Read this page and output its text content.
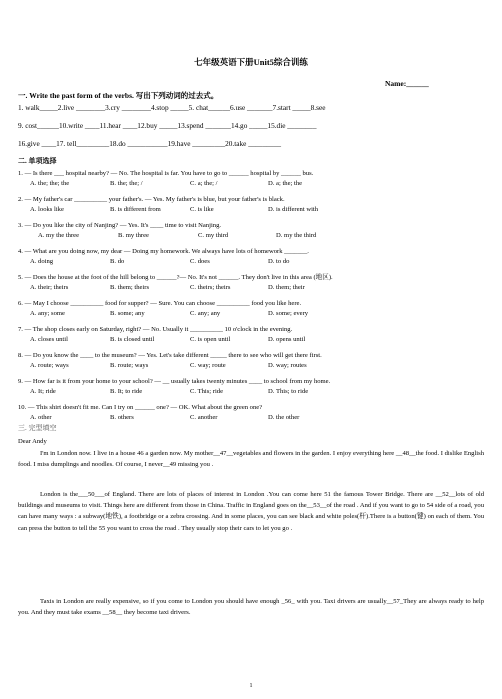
七年级英语下册Unit5综合训练
Name:______
一. Write the past form of the verbs. 写出下列动词的过去式。
1. walk_____2.live ________3.cry ________4.stop _____5. chat______6.use _______7.start _____8.see
9. cost______10.write ____11.hear ____12.buy _____13.spend _______14.go _____15.die ________
16.give ____17. tell_________18.do ___________19.have _________20.take _________
二. 单项选择
1. — Is there ___ hospital nearby? — No. The hospital is far. You have to go to ______ hospital by ______ bus.
A. the; the; the	B. the; the; /	C. a; the; /	D. a; the; the
2. — My father's car __________ your father's. — Yes. My father's is blue, but your father's is black.
A. looks like	B. is different from	C. is like	D. is different with
3. — Do you like the city of Nanjing? — Yes. It's ____ time to visit Nanjing.
A. my the three	B. my three	C. my third	D. my the third
4. — What are you doing now, my dear — Doing my homework. We always have lots of homework _______.
A. doing	B. do	C. does	D. to do
5. — Does the house at the foot of the hill belong to ______?— No. It's not ______. They don't live in this area (地区).
A. their; theirs	B. them; theirs	C. theirs; theirs	D. them; their
6. — May I choose __________ food for supper? — Sure. You can choose __________ food you like here.
A. any; some	B. some; any	C. any; any	D. some; every
7. — The shop closes early on Saturday, right? — No. Usually it __________ 10 o'clock in the evening.
A. closes until	B. is closed until	C. is open until	D. opens until
8. — Do you know the ____ to the museum? — Yes. Let's take different _____ there to see who will get there first.
A. route; ways	B. route; ways	C. way; route	D. way; routes
9. — How far is it from your home to your school? — __ usually takes twenty minutes ____ to school from my home.
A. It; ride	B. It; to ride	C. This; ride	D. This; to ride
10. — This shirt doesn't fit me. Can I try on ______ one? — OK. What about the green one?
A. other	B. others	C. another	D. the other
三. 完型填空
Dear Andy
I'm in London now. I live in a house 46 a garden now. My mother__47__vegetables and flowers in the garden. I enjoy everything here __48__the food. I dislike English food. I miss dumplings and noodles. Of course, I never__49 missing you .
London is the___50___of England. There are lots of places of interest in London .You can come here 51 the famous Tower Bridge. There are __52__lots of old buildings and museums to visit. Things here are different from those in China. Traffic in England goes on the__53__of the road . And if you want to go to 54 side of a road, you can have many ways : a subway(地铁), a footbridge or a zebra crossing. And in some places, you can see black and white poles(杆).There is a button(键) on each of them. You can press the button to tell the 55 you want to cross the road . They usually stop their cars to let you go .
Taxis in London are really expensive, so if you come to London you should have enough _56_ with you. Taxi drivers are usually__57_They are always ready to help you. And they must take exams __58__ they become taxi drivers.
1
